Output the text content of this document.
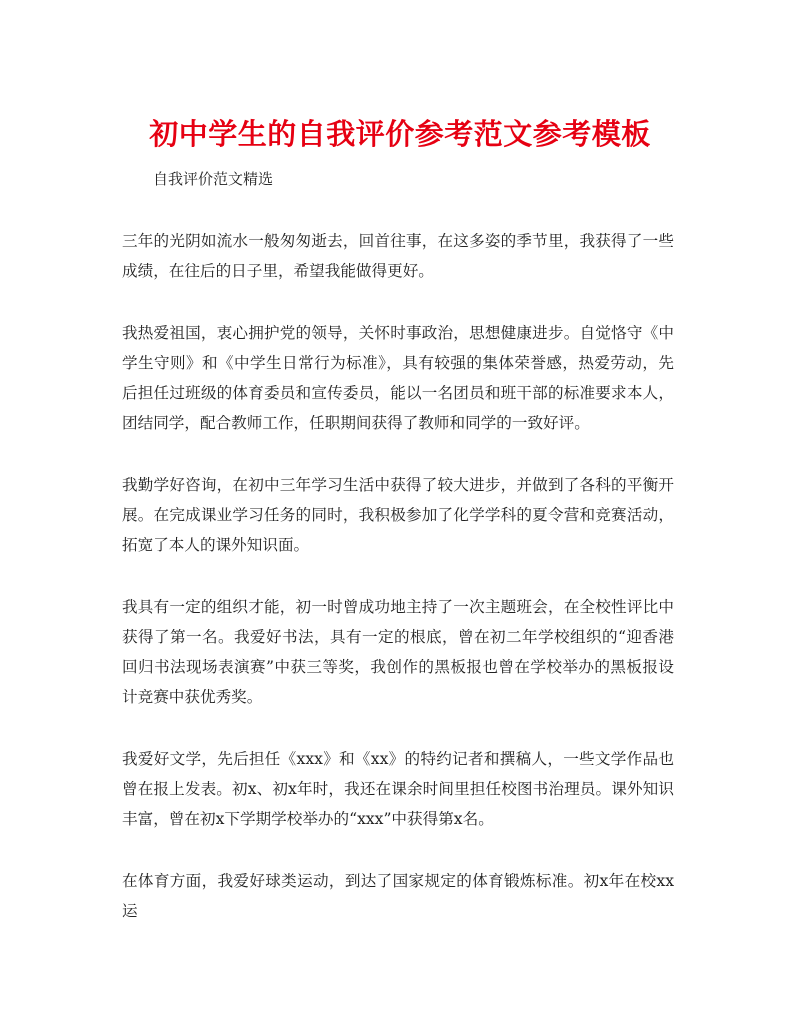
初中学生的自我评价参考范文参考模板
自我评价范文精选

三年的光阴如流水一般匆匆逝去，回首往事，在这多姿的季节里，我获得了一些成绩，在往后的日子里，希望我能做得更好。

我热爱祖国，衷心拥护党的领导，关怀时事政治，思想健康进步。自觉恪守《中学生守则》和《中学生日常行为标准》，具有较强的集体荣誉感，热爱劳动，先后担任过班级的体育委员和宣传委员，能以一名团员和班干部的标准要求本人，团结同学，配合教师工作，任职期间获得了教师和同学的一致好评。

我勤学好咨询，在初中三年学习生活中获得了较大进步，并做到了各科的平衡开展。在完成课业学习任务的同时，我积极参加了化学学科的夏令营和竞赛活动，拓宽了本人的课外知识面。

我具有一定的组织才能，初一时曾成功地主持了一次主题班会，在全校性评比中获得了第一名。我爱好书法，具有一定的根底，曾在初二年学校组织的“迎香港回归书法现场表演赛”中获三等奖，我创作的黑板报也曾在学校举办的黑板报设计竞赛中获优秀奖。

我爱好文学，先后担任《xxx》和《xx》的特约记者和撰稿人，一些文学作品也曾在报上发表。初x、初x年时，我还在课余时间里担任校图书治理员。课外知识丰富，曾在初x下学期学校举办的“xxx”中获得第x名。

在体育方面，我爱好球类运动，到达了国家规定的体育锻炼标准。初x年在校xx运
